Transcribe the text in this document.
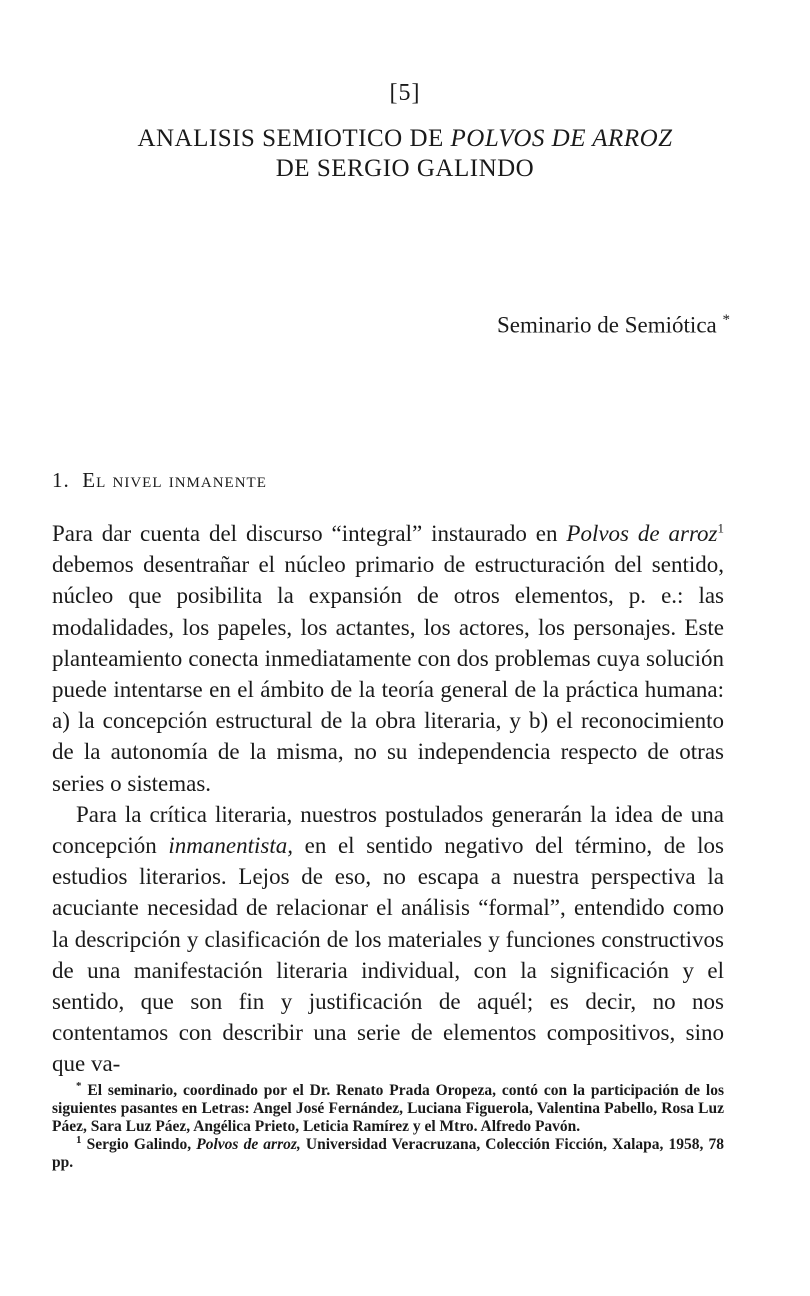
[5]
ANALISIS SEMIOTICO DE POLVOS DE ARROZ
DE SERGIO GALINDO
Seminario de Semiótica *
1. El nivel inmanente

Para dar cuenta del discurso “integral” instaurado en Polvos de arroz$^1$ debemos desentrañar el núcleo primario de estructuración del sentido, núcleo que posibilita la expansión de otros elementos, p. e.: las modalidades, los papeles, los actantes, los actores, los personajes. Este planteamiento conecta inmediatamente con dos problemas cuya solución puede intentarse en el ámbito de la teoría general de la práctica humana: a) la concepción estructural de la obra literaria, y b) el reconocimiento de la autonomía de la misma, no su independencia respecto de otras series o sistemas.

Para la crítica literaria, nuestros postulados generarán la idea de una concepción inmanentista, en el sentido negativo del término, de los estudios literarios. Lejos de eso, no escapa a nuestra perspectiva la acuciante necesidad de relacionar el análisis “formal”, entendido como la descripción y clasificación de los materiales y funciones constructivos de una manifestación literaria individual, con la significación y el sentido, que son fin y justificación de aquél; es decir, no nos contentamos con describir una serie de elementos compositivos, sino que va-

* El seminario, coordinado por el Dr. Renato Prada Oropeza, contó con la participación de los siguientes pasantes en Letras: Angel José Fernández, Luciana Figuerola, Valentina Pabello, Rosa Luz Páez, Sara Luz Páez, Angélica Prieto, Leticia Ramírez y el Mtro. Alfredo Pavón.

$^1$ Sergio Galindo, Polvos de arroz, Universidad Veracruzana, Colección Ficción, Xalapa, 1958, 78 pp.
